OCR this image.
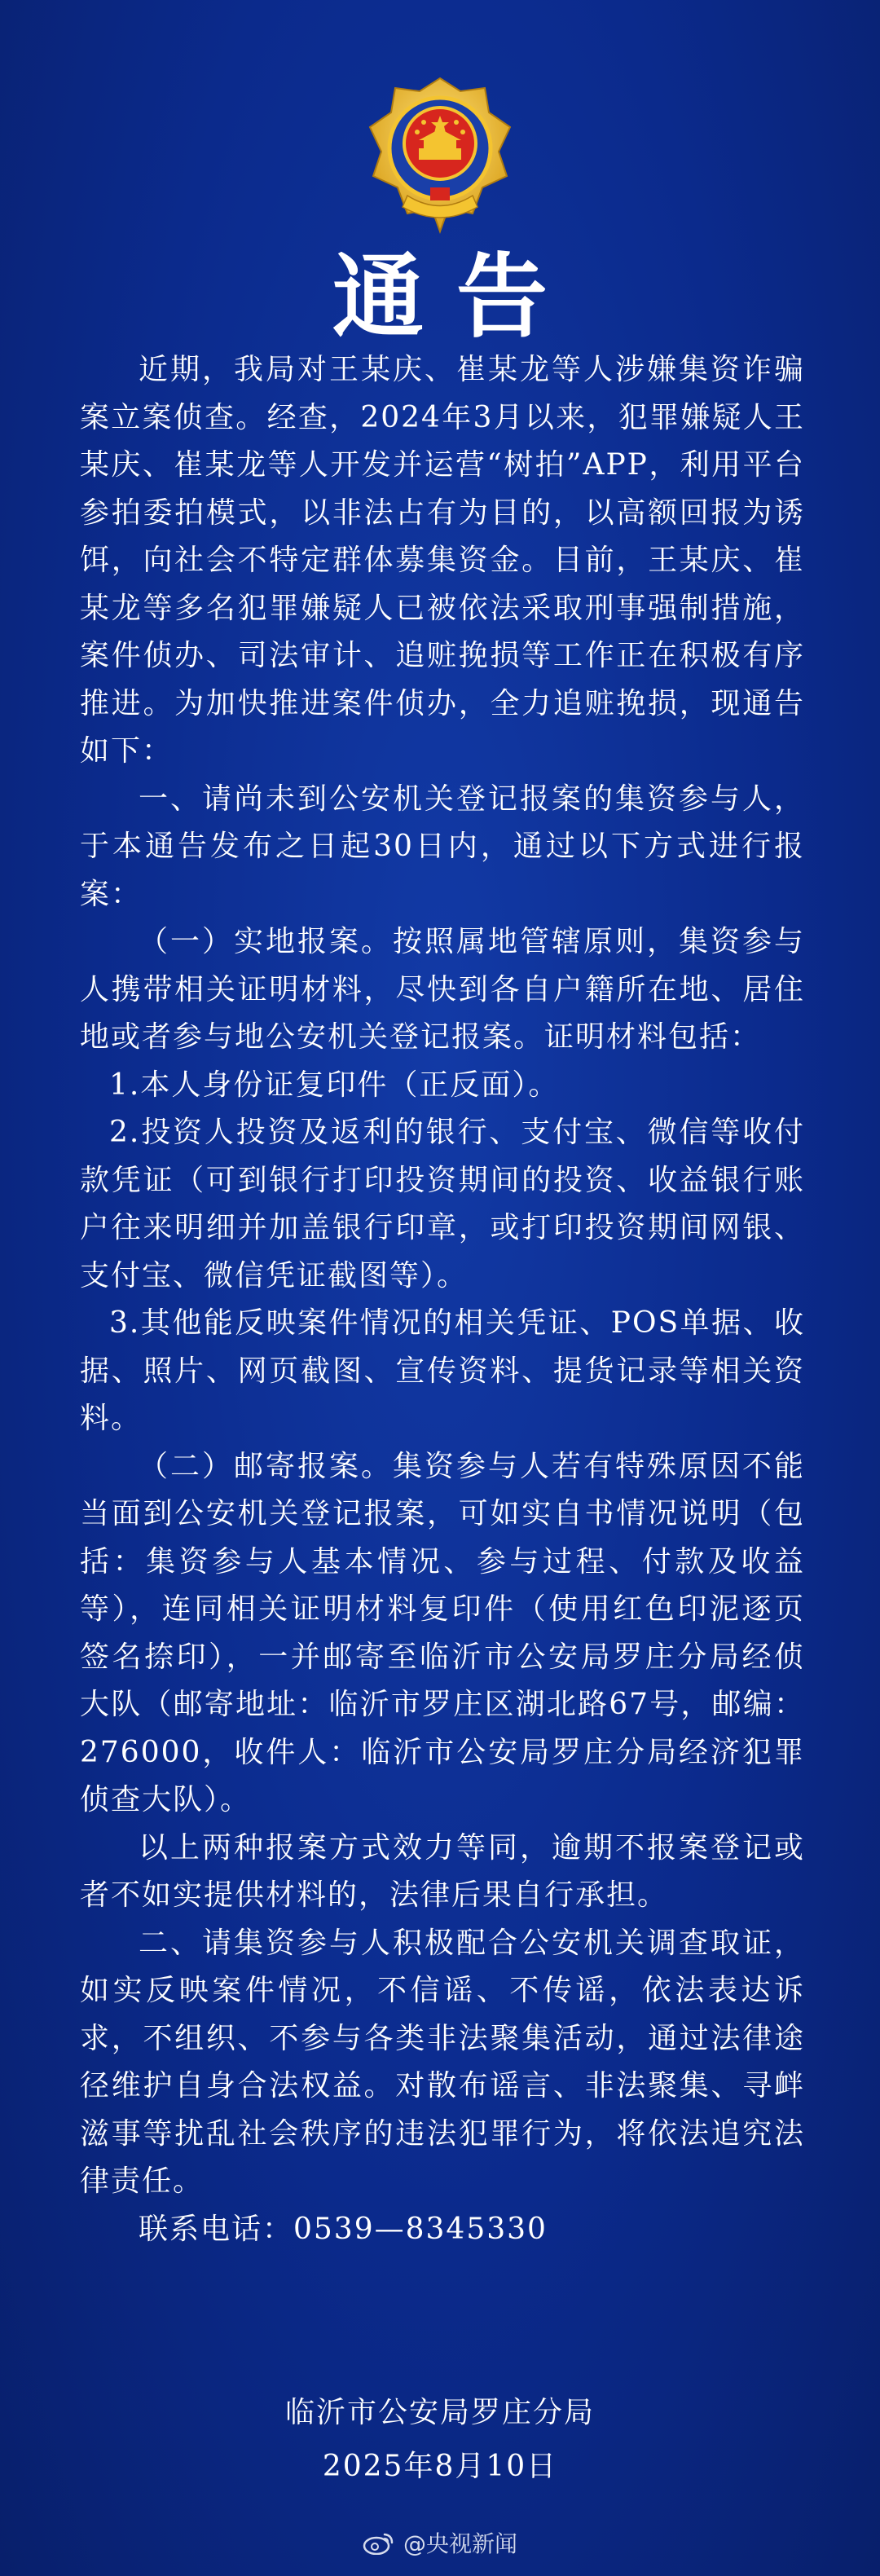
通告

近期，我局对王某庆、崔某龙等人涉嫌集资诈骗案立案侦查。经查，2024年3月以来，犯罪嫌疑人王某庆、崔某龙等人开发并运营“树拍”APP，利用平台参拍委拍模式，以非法占有为目的，以高额回报为诱饵，向社会不特定群体募集资金。目前，王某庆、崔某龙等多名犯罪嫌疑人已被依法采取刑事强制措施，案件侦办、司法审计、追赃挽损等工作正在积极有序推进。为加快推进案件侦办，全力追赃挽损，现通告如下：

一、请尚未到公安机关登记报案的集资参与人，于本通告发布之日起30日内，通过以下方式进行报案：

（一）实地报案。按照属地管辖原则，集资参与人携带相关证明材料，尽快到各自户籍所在地、居住地或者参与地公安机关登记报案。证明材料包括：

1.本人身份证复印件（正反面）。

2.投资人投资及返利的银行、支付宝、微信等收付款凭证（可到银行打印投资期间的投资、收益银行账户往来明细并加盖银行印章，或打印投资期间网银、支付宝、微信凭证截图等）。

3.其他能反映案件情况的相关凭证、POS单据、收据、照片、网页截图、宣传资料、提货记录等相关资料。

（二）邮寄报案。集资参与人若有特殊原因不能当面到公安机关登记报案，可如实自书情况说明（包括：集资参与人基本情况、参与过程、付款及收益等），连同相关证明材料复印件（使用红色印泥逐页签名捺印），一并邮寄至临沂市公安局罗庄分局经侦大队（邮寄地址：临沂市罗庄区湖北路67号，邮编：276000，收件人：临沂市公安局罗庄分局经济犯罪侦查大队）。

以上两种报案方式效力等同，逾期不报案登记或者不如实提供材料的，法律后果自行承担。

二、请集资参与人积极配合公安机关调查取证，如实反映案件情况，不信谣、不传谣，依法表达诉求，不组织、不参与各类非法聚集活动，通过法律途径维护自身合法权益。对散布谣言、非法聚集、寻衅滋事等扰乱社会秩序的违法犯罪行为，将依法追究法律责任。

联系电话：0539—8345330

临沂市公安局罗庄分局
2025年8月10日
@央视新闻
